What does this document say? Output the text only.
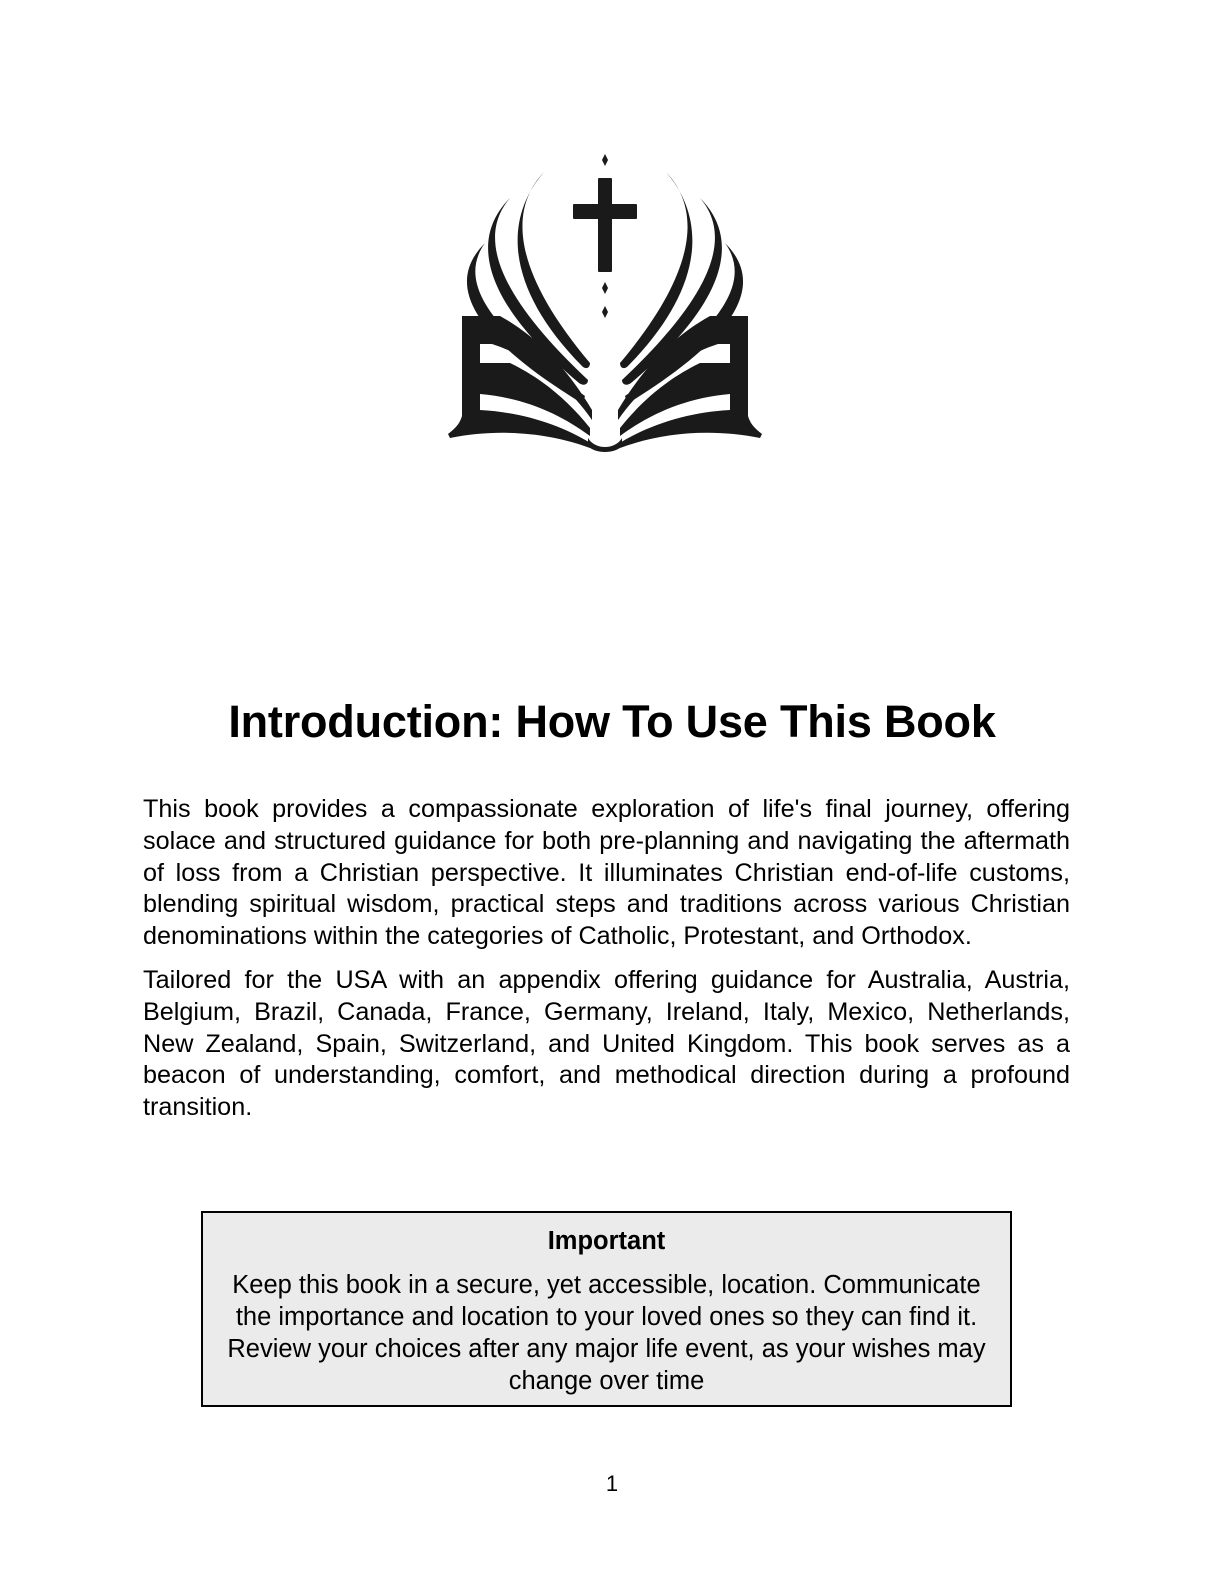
Introduction: How To Use This Book

This book provides a compassionate exploration of life's final journey, offering solace and structured guidance for both pre-planning and navigating the aftermath of loss from a Christian perspective. It illuminates Christian end-of-life customs, blending spiritual wisdom, practical steps and traditions across various Christian denominations within the categories of Catholic, Protestant, and Orthodox.

Tailored for the USA with an appendix offering guidance for Australia, Austria, Belgium, Brazil, Canada, France, Germany, Ireland, Italy, Mexico, Netherlands, New Zealand, Spain, Switzerland, and United Kingdom. This book serves as a beacon of understanding, comfort, and methodical direction during a profound transition.

Important
Keep this book in a secure, yet accessible, location. Communicate the importance and location to your loved ones so they can find it. Review your choices after any major life event, as your wishes may change over time
1
